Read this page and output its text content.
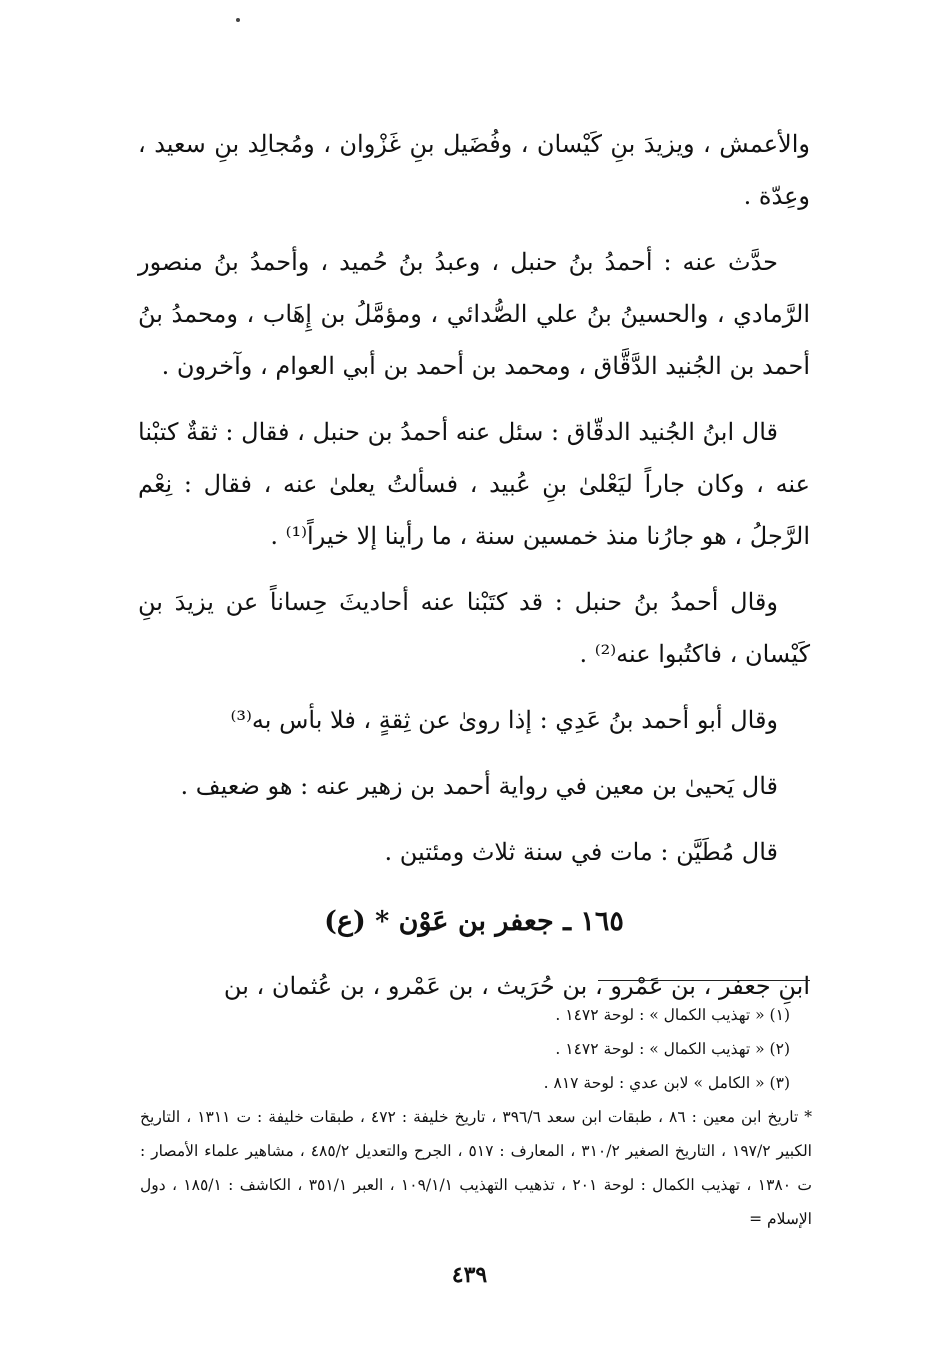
والأعمش ، ويزيدَ بنِ كَيْسان ، وفُضَيل بنِ غَزْوان ، ومُجالِد بنِ سعيد ، وعِدّة .

حدَّث عنه : أحمدُ بنُ حنبل ، وعبدُ بنُ حُميد ، وأحمدُ بنُ منصور الرَّمادي ، والحسينُ بنُ علي الصُّدائي ، ومؤمَّلُ بن إِهَاب ، ومحمدُ بنُ أحمد بن الجُنيد الدَّقَّاق ، ومحمد بن أحمد بن أبي العوام ، وآخرون .

قال ابنُ الجُنيد الدقّاق : سئل عنه أحمدُ بن حنبل ، فقال : ثقةٌ كتبْنا عنه ، وكان جاراً ليَعْلىٰ بنِ عُبيد ، فسألتُ يعلىٰ عنه ، فقال : نِعْم الرَّجلُ ، هو جارُنا منذ خمسين سنة ، ما رأينا إلا خيراً⁽¹⁾ .

وقال أحمدُ بنُ حنبل : قد كتَبْنا عنه أحاديثَ حِساناً عن يزيدَ بنِ كَيْسان ، فاكتُبوا عنه⁽²⁾ .

وقال أبو أحمد بنُ عَدِي : إذا روىٰ عن ثِقةٍ ، فلا بأس به⁽³⁾

قال يَحيىٰ بن معين في رواية أحمد بن زهير عنه : هو ضعيف .

قال مُطَيَّن : مات في سنة ثلاث ومئتين .

١٦٥ ـ جعفر بن عَوْن * (ع)

ابنِ جعفر ، بن عَمْرو ، بن حُرَيث ، بن عَمْرو ، بن عُثمان ، بن

(١) « تهذيب الكمال » : لوحة ١٤٧٢ .

(٢) « تهذيب الكمال » : لوحة ١٤٧٢ .

(٣) « الكامل » لابن عدي : لوحة ٨١٧ .

* تاريخ ابن معين : ٨٦ ، طبقات ابن سعد ٣٩٦/٦ ، تاريخ خليفة : ٤٧٢ ، طبقات خليفة : ت ١٣١١ ، التاريخ الكبير ١٩٧/٢ ، التاريخ الصغير ٣١٠/٢ ، المعارف : ٥١٧ ، الجرح والتعديل ٤٨٥/٢ ، مشاهير علماء الأمصار : ت ١٣٨٠ ، تهذيب الكمال : لوحة ٢٠١ ، تذهيب التهذيب ١٠٩/١/١ ، العبر ٣٥١/١ ، الكاشف : ١٨٥/١ ، دول الإسلام =

٤٣٩
